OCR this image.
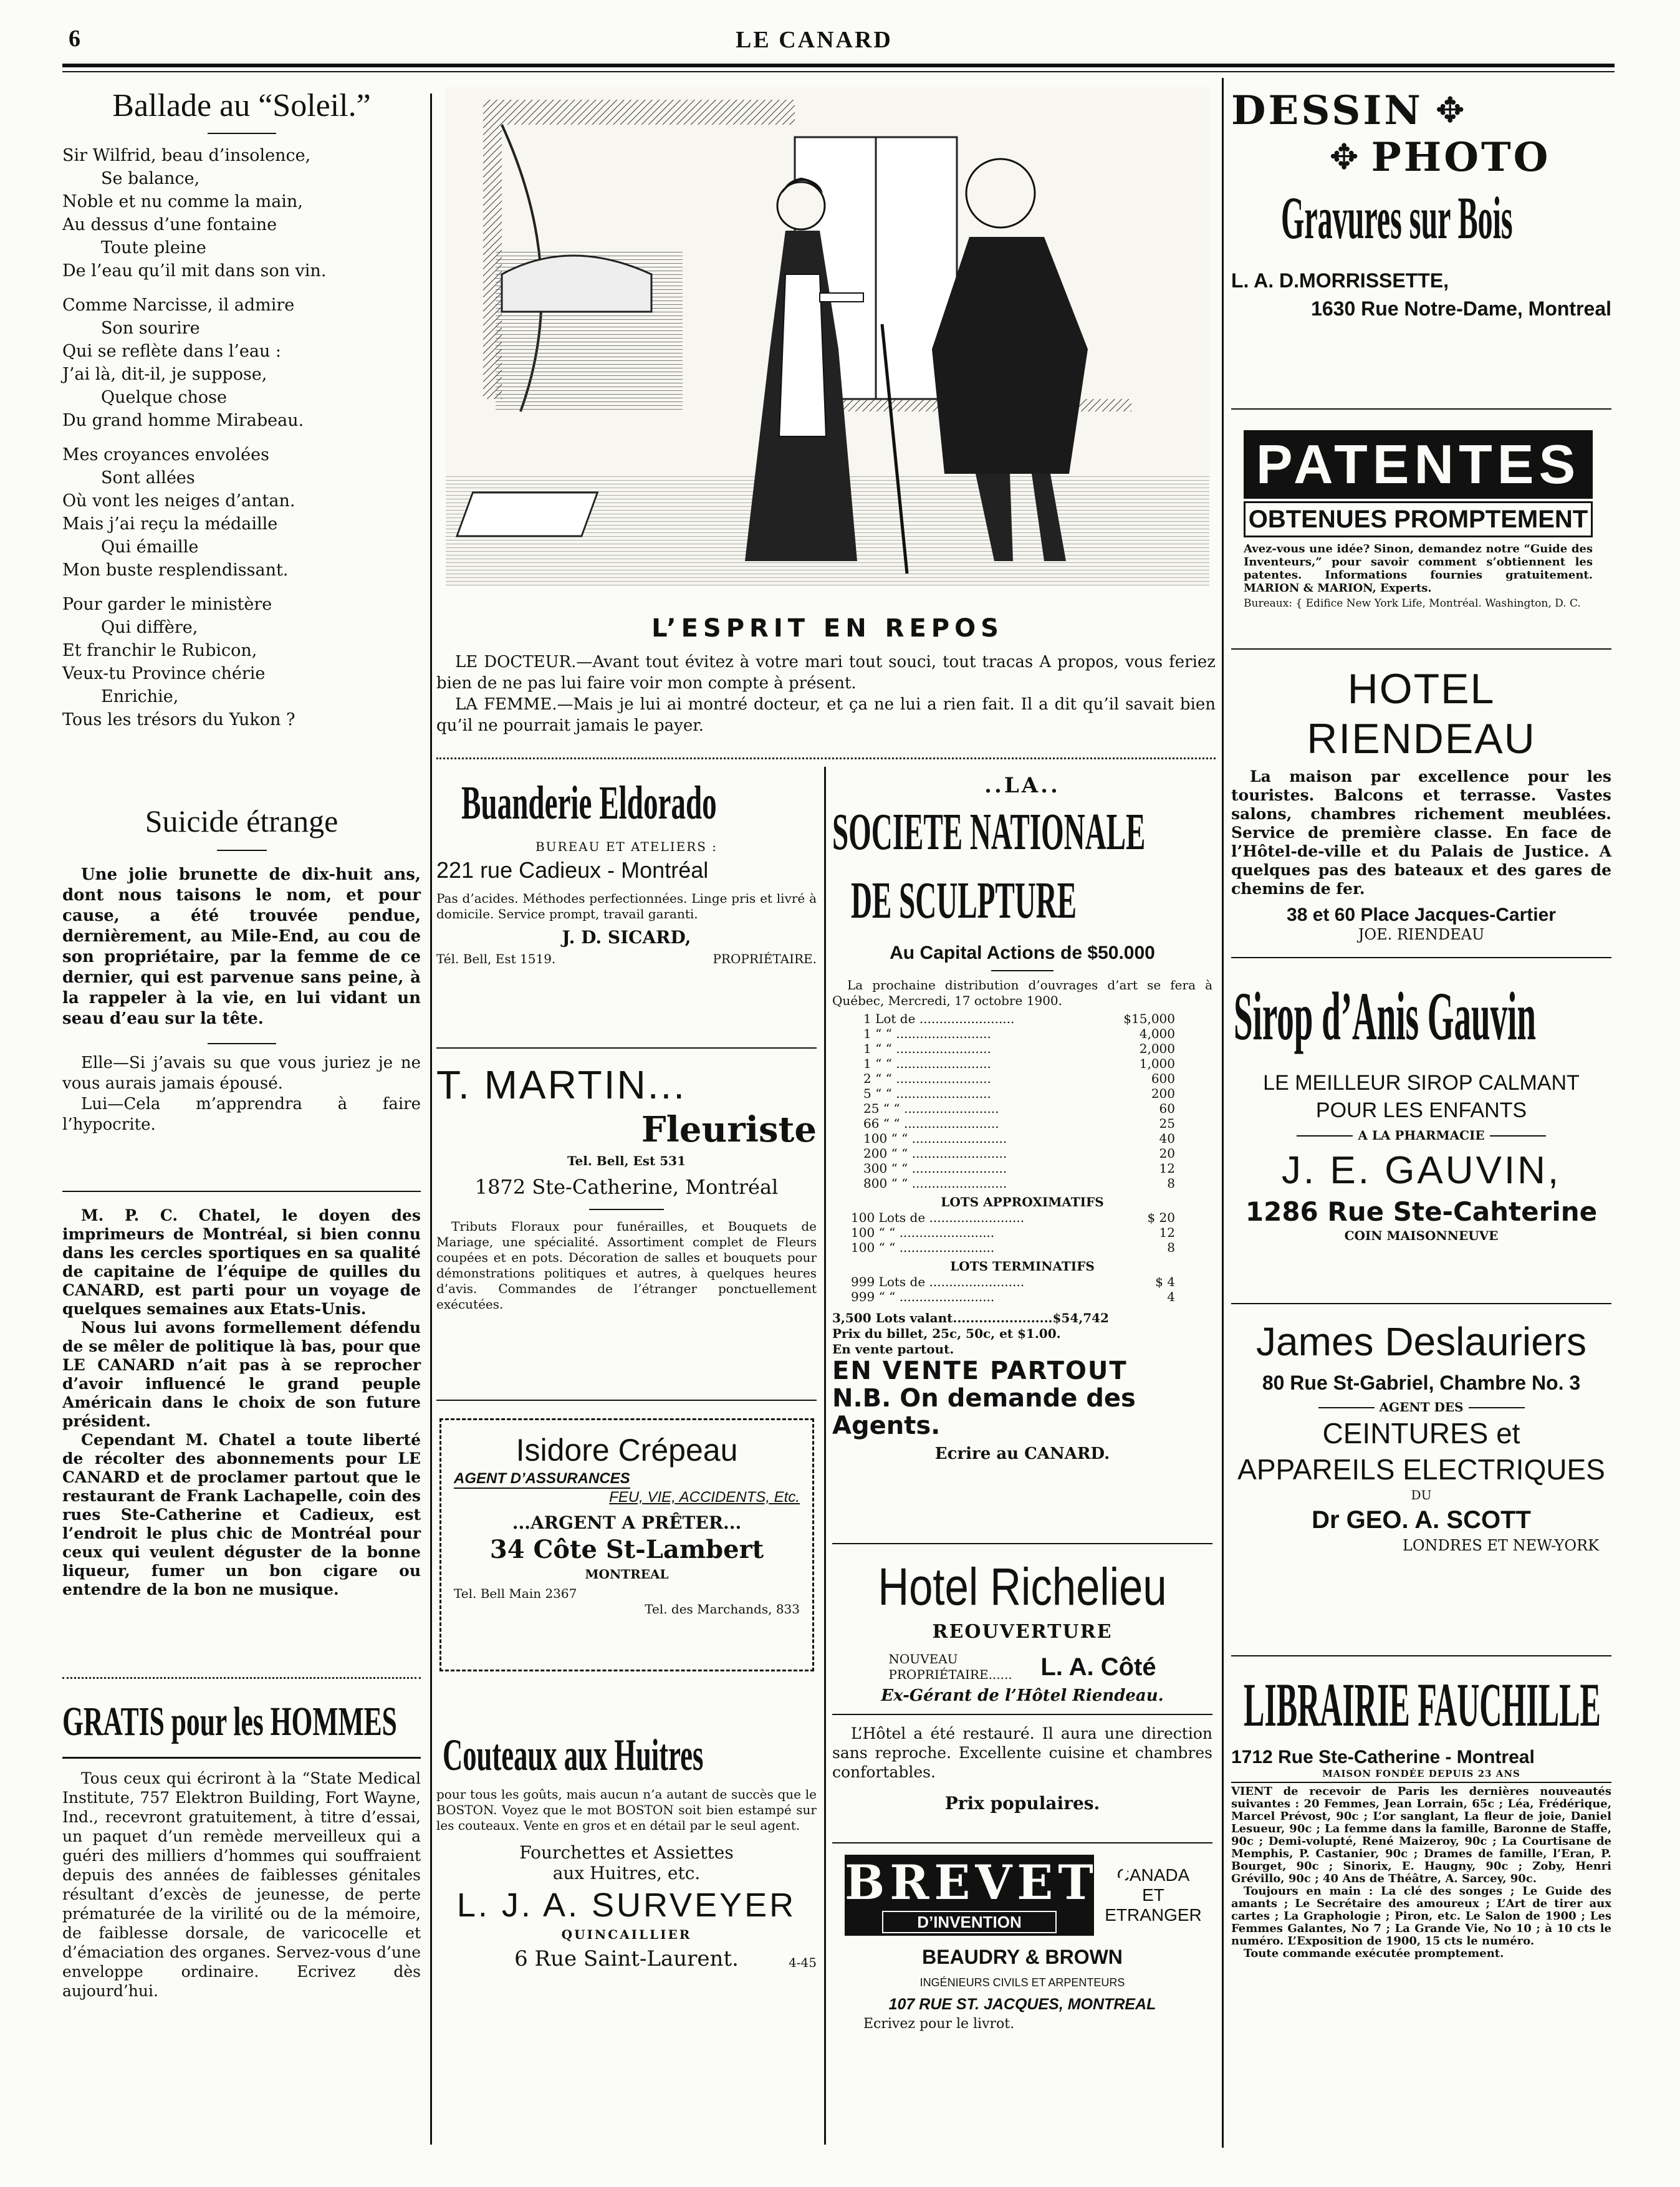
6	LE CANARD
Ballade au “Soleil.”

Sir Wilfrid, beau d’insolence,

Se balance,

Noble et nu comme la main,

Au dessus d’une fontaine

Toute pleine

De l’eau qu’il mit dans son vin.

Comme Narcisse, il admire

Son sourire

Qui se reflète dans l’eau :

J’ai là, dit-il, je suppose,

Quelque chose

Du grand homme Mirabeau.

Mes croyances envolées

Sont allées

Où vont les neiges d’antan.

Mais j’ai reçu la médaille

Qui émaille

Mon buste resplendissant.

Pour garder le ministère

Qui diffère,

Et franchir le Rubicon,

Veux-tu Province chérie

Enrichie,

Tous les trésors du Yukon ?

Suicide étrange
Une jolie brunette de dix-huit ans, dont nous taisons le nom, et pour cause, a été trouvée pendue, dernièrement, au Mile-End, au cou de son propriétaire, par la femme de ce dernier, qui est parvenue sans peine, à la rappeler à la vie, en lui vidant un seau d’eau sur la tête.
Elle—Si j’avais su que vous juriez je ne vous aurais jamais épousé.
Lui—Cela m’apprendra à faire l’hypocrite.
M. P. C. Chatel, le doyen des imprimeurs de Montréal, si bien connu dans les cercles sportiques en sa qualité de capitaine de l’équipe de quilles du CANARD, est parti pour un voyage de quelques semaines aux Etats-Unis.
Nous lui avons formellement défendu de se mêler de politique là bas, pour que LE CANARD n’ait pas à se reprocher d’avoir influencé le grand peuple Américain dans le choix de son future président.
Cependant M. Chatel a toute liberté de récolter des abonnements pour LE CANARD et de proclamer partout que le restaurant de Frank Lachapelle, coin des rues Ste-Catherine et Cadieux, est l’endroit le plus chic de Montréal pour ceux qui veulent déguster de la bonne liqueur, fumer un bon cigare ou entendre de la bon ne musique.
GRATIS pour les HOMMES
Tous ceux qui écriront à la “State Medical Institute, 757 Elektron Building, Fort Wayne, Ind., recevront gratuitement, à titre d’essai, un paquet d’un remède merveilleux qui a guéri des milliers d’hommes qui souffraient depuis des années de faiblesses génitales résultant d’excès de jeunesse, de perte prématurée de la virilité ou de la mémoire, de faiblesse dorsale, de varicocelle et d’émaciation des organes. Servez-vous d’une enveloppe ordinaire. Ecrivez dès aujourd’hui.
L’ESPRIT EN REPOS
LE DOCTEUR.—Avant tout évitez à votre mari tout souci, tout tracas A propos, vous feriez bien de ne pas lui faire voir mon compte à présent.
LA FEMME.—Mais je lui ai montré docteur, et ça ne lui a rien fait. Il a dit qu’il savait bien qu’il ne pourrait jamais le payer.
Buanderie Eldorado
BUREAU ET ATELIERS :
221 rue Cadieux - Montréal
Pas d’acides. Méthodes perfectionnées. Linge pris et livré à domicile. Service prompt, travail garanti.
J. D. SICARD,
Tél. Bell, Est 1519.	PROPRIÉTAIRE.
T. MARTIN...
Fleuriste
Tel. Bell, Est 531
1872 Ste-Catherine, Montréal
Tributs Floraux pour funérailles, et Bouquets de Mariage, une spécialité. Assortiment complet de Fleurs coupées et en pots. Décoration de salles et bouquets pour démonstrations politiques et autres, à quelques heures d’avis. Commandes de l’étranger ponctuellement exécutées.
Isidore Crépeau
AGENT D’ASSURANCES
FEU, VIE, ACCIDENTS, Etc.
...ARGENT A PRÊTER...
34 Côte St-Lambert
MONTREAL
Tel. Bell Main 2367
Tel. des Marchands, 833
Couteaux aux Huitres
pour tous les goûts, mais aucun n’a autant de succès que le BOSTON. Voyez que le mot BOSTON soit bien estampé sur les couteaux. Vente en gros et en détail par le seul agent.
Fourchettes et Assiettes
aux Huitres, etc.
L. J. A. SURVEYER
QUINCAILLIER
6 Rue Saint-Laurent.	4-45
..LA..
SOCIETE NATIONALE
DE SCULPTURE
Au Capital Actions de $50.000
La prochaine distribution d’ouvrages d’art se fera à Québec, Mercredi, 17 octobre 1900.
1 Lot de ........................	$15,000
1 “ “ ........................	4,000
1 “ “ ........................	2,000
1 “ “ ........................	1,000
2 “ “ ........................	600
5 “ “ ........................	200
25 “ “ ........................	60
66 “ “ ........................	25
100 “ “ ........................	40
200 “ “ ........................	20
300 “ “ ........................	12
800 “ “ ........................	8
LOTS APPROXIMATIFS
100 Lots de ........................	$ 20
100 “ “ ........................	12
100 “ “ ........................	8
LOTS TERMINATIFS
999 Lots de ........................	$ 4
999 “ “ ........................	4
3,500 Lots valant.......................$54,742
Prix du billet, 25c, 50c, et $1.00.
En vente partout.
EN VENTE PARTOUT
N.B. On demande des Agents.
Ecrire au CANARD.
Hotel Richelieu
REOUVERTURE
NOUVEAU PROPRIÉTAIRE......	L. A. Côté
Ex-Gérant de l’Hôtel Riendeau.
L’Hôtel a été restauré. Il aura une direction sans reproche. Excellente cuisine et chambres confortables.
Prix populaires.
BREVETS
D’INVENTION
CANADA
ET
ETRANGER
BEAUDRY & BROWN
INGÉNIEURS CIVILS ET ARPENTEURS
107 RUE ST. JACQUES, MONTREAL
Ecrivez pour le livrot.
DESSIN ✥
✥ PHOTO
Gravures sur Bois
L. A. D.MORRISSETTE,
1630 Rue Notre-Dame, Montreal
PATENTES
OBTENUES PROMPTEMENT
Avez-vous une idée? Sinon, demandez notre “Guide des Inventeurs,” pour savoir comment s’obtiennent les patentes. Informations fournies gratuitement. MARION & MARION, Experts.
Bureaux: { Edifice New York Life, Montréal. Washington, D. C.
HOTEL RIENDEAU
La maison par excellence pour les touristes. Balcons et terrasse. Vastes salons, chambres richement meublées. Service de première classe. En face de l’Hôtel-de-ville et du Palais de Justice. A quelques pas des bateaux et des gares de chemins de fer.
38 et 60 Place Jacques-Cartier
JOE. RIENDEAU
Sirop d’Anis Gauvin
LE MEILLEUR SIROP CALMANT
POUR LES ENFANTS
A LA PHARMACIE
J. E. GAUVIN,
1286 Rue Ste-Cahterine
COIN MAISONNEUVE
James Deslauriers
80 Rue St-Gabriel, Chambre No. 3
AGENT DES
CEINTURES et
APPAREILS ELECTRIQUES
DU
Dr GEO. A. SCOTT
LONDRES ET NEW-YORK
LIBRAIRIE FAUCHILLE
1712 Rue Ste-Catherine - Montreal
MAISON FONDÉE DEPUIS 23 ANS
VIENT de recevoir de Paris les dernières nouveautés suivantes : 20 Femmes, Jean Lorrain, 65c ; Léa, Frédérique, Marcel Prévost, 90c ; L’or sanglant, La fleur de joie, Daniel Lesueur, 90c ; La femme dans la famille, Baronne de Staffe, 90c ; Demi-volupté, René Maizeroy, 90c ; La Courtisane de Memphis, P. Castanier, 90c ; Drames de famille, l’Eran, P. Bourget, 90c ; Sinorix, E. Haugny, 90c ; Zoby, Henri Grévillo, 90c ; 40 Ans de Théâtre, A. Sarcey, 90c.
Toujours en main : La clé des songes ; Le Guide des amants ; Le Secrétaire des amoureux ; L’Art de tirer aux cartes ; La Graphologie ; Piron, etc. Le Salon de 1900 ; Les Femmes Galantes, No 7 ; La Grande Vie, No 10 ; à 10 cts le numéro. L’Exposition de 1900, 15 cts le numéro.
Toute commande exécutée promptement.
